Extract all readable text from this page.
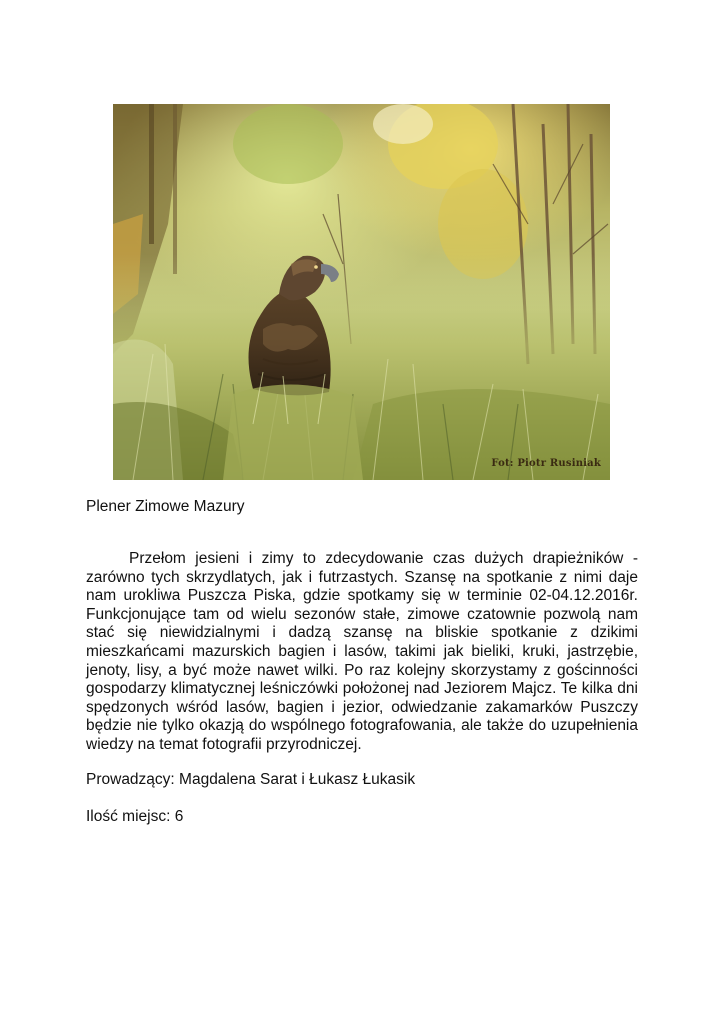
Fot: Piotr Rusiniak
Plener Zimowe Mazury

Przełom jesieni i zimy to zdecydowanie czas dużych drapieżników - zarówno tych skrzydlatych, jak i futrzastych. Szansę na spotkanie z nimi daje nam urokliwa Puszcza Piska, gdzie spotkamy się w terminie 02-04.12.2016r. Funkcjonujące tam od wielu sezonów stałe, zimowe czatownie pozwolą nam stać się niewidzialnymi i dadzą szansę na bliskie spotkanie z dzikimi mieszkańcami mazurskich bagien i lasów, takimi jak bieliki, kruki, jastrzębie, jenoty, lisy, a być może nawet wilki. Po raz kolejny skorzystamy z gościnności gospodarzy klimatycznej leśniczówki położonej nad Jeziorem Majcz. Te kilka dni spędzonych wśród lasów, bagien i jezior, odwiedzanie zakamarków Puszczy będzie nie tylko okazją do wspólnego fotografowania, ale także do uzupełnienia wiedzy na temat fotografii przyrodniczej.

Prowadzący: Magdalena Sarat i Łukasz Łukasik
Ilość miejsc: 6
